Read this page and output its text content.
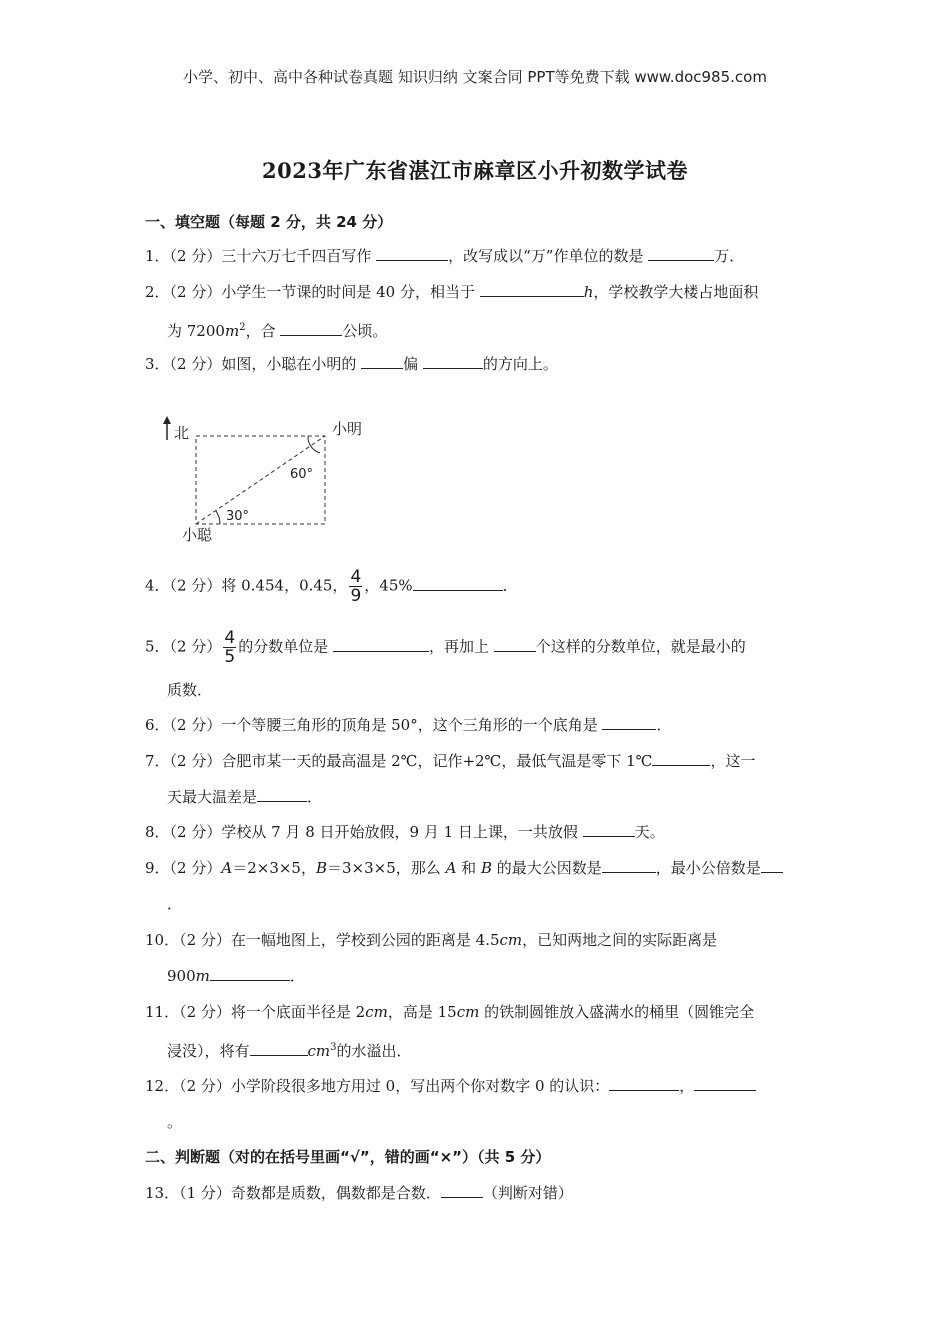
小学、初中、高中各种试卷真题 知识归纳 文案合同 PPT等免费下载 www.doc985.com
2023年广东省湛江市麻章区小升初数学试卷
一、填空题（每题 2 分，共 24 分）
1．（2 分）三十六万七千四百写作	，改写成以“万”作单位的数是	万．
2．（2 分）小学生一节课的时间是 40 分，相当于	h，学校教学大楼占地面积
为 $7200m^2$，合	公顷。
3．（2 分）如图，小聪在小明的	偏	的方向上。
北	小明
60°
30°
小聪
4．（2 分）将 0.454，0.45， $\frac{4}{9}$ ，45%	．
5．（2 分） $\frac{4}{5}$ 的分数单位是	，再加上	个这样的分数单位，就是最小的
质数．
6．（2 分）一个等腰三角形的顶角是 50°，这个三角形的一个底角是	．
7．（2 分）合肥市某一天的最高温是 2℃，记作+2℃，最低气温是零下 1℃	，这一
天最大温差是	．
8．（2 分）学校从 7 月 8 日开始放假，9 月 1 日上课，一共放假	天。
9．（2 分）A＝2×3×5，B＝3×3×5，那么 A 和 B 的最大公因数是	，最小公倍数是
．
10．（2 分）在一幅地图上，学校到公园的距离是 4.5cm，已知两地之间的实际距离是
900m	．
11．（2 分）将一个底面半径是 2cm，高是 15cm 的铁制圆锥放入盛满水的桶里（圆锥完全
浸没），将有	$cm^3$的水溢出．
12．（2 分）小学阶段很多地方用过 0，写出两个你对数字 0 的认识：	，
。
二、判断题（对的在括号里画“√”，错的画“×”）（共 5 分）
13．（1 分）奇数都是质数，偶数都是合数．	（判断对错）
